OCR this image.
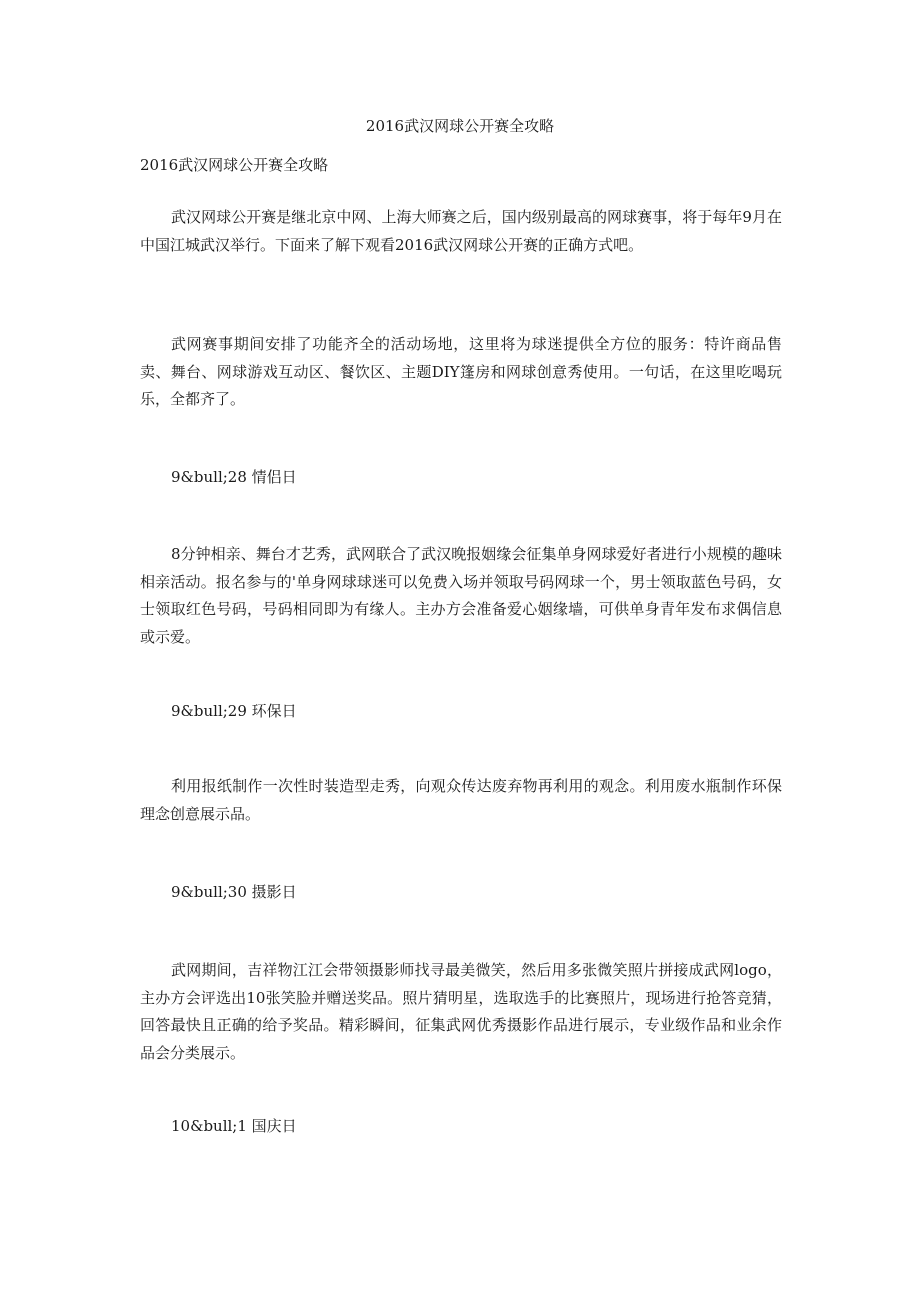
2016武汉网球公开赛全攻略

2016武汉网球公开赛全攻略

武汉网球公开赛是继北京中网、上海大师赛之后，国内级别最高的网球赛事，将于每年9月在中国江城武汉举行。下面来了解下观看2016武汉网球公开赛的正确方式吧。

武网赛事期间安排了功能齐全的活动场地，这里将为球迷提供全方位的服务：特许商品售卖、舞台、网球游戏互动区、餐饮区、主题DIY篷房和网球创意秀使用。一句话，在这里吃喝玩乐，全都齐了。

9&bull;28 情侣日

8分钟相亲、舞台才艺秀，武网联合了武汉晚报姻缘会征集单身网球爱好者进行小规模的趣味相亲活动。报名参与的'单身网球球迷可以免费入场并领取号码网球一个，男士领取蓝色号码，女士领取红色号码，号码相同即为有缘人。主办方会准备爱心姻缘墙，可供单身青年发布求偶信息或示爱。

9&bull;29 环保日

利用报纸制作一次性时装造型走秀，向观众传达废弃物再利用的观念。利用废水瓶制作环保理念创意展示品。

9&bull;30 摄影日

武网期间，吉祥物江江会带领摄影师找寻最美微笑，然后用多张微笑照片拼接成武网logo，主办方会评选出10张笑脸并赠送奖品。照片猜明星，选取选手的比赛照片，现场进行抢答竞猜，回答最快且正确的给予奖品。精彩瞬间，征集武网优秀摄影作品进行展示，专业级作品和业余作品会分类展示。

10&bull;1 国庆日
